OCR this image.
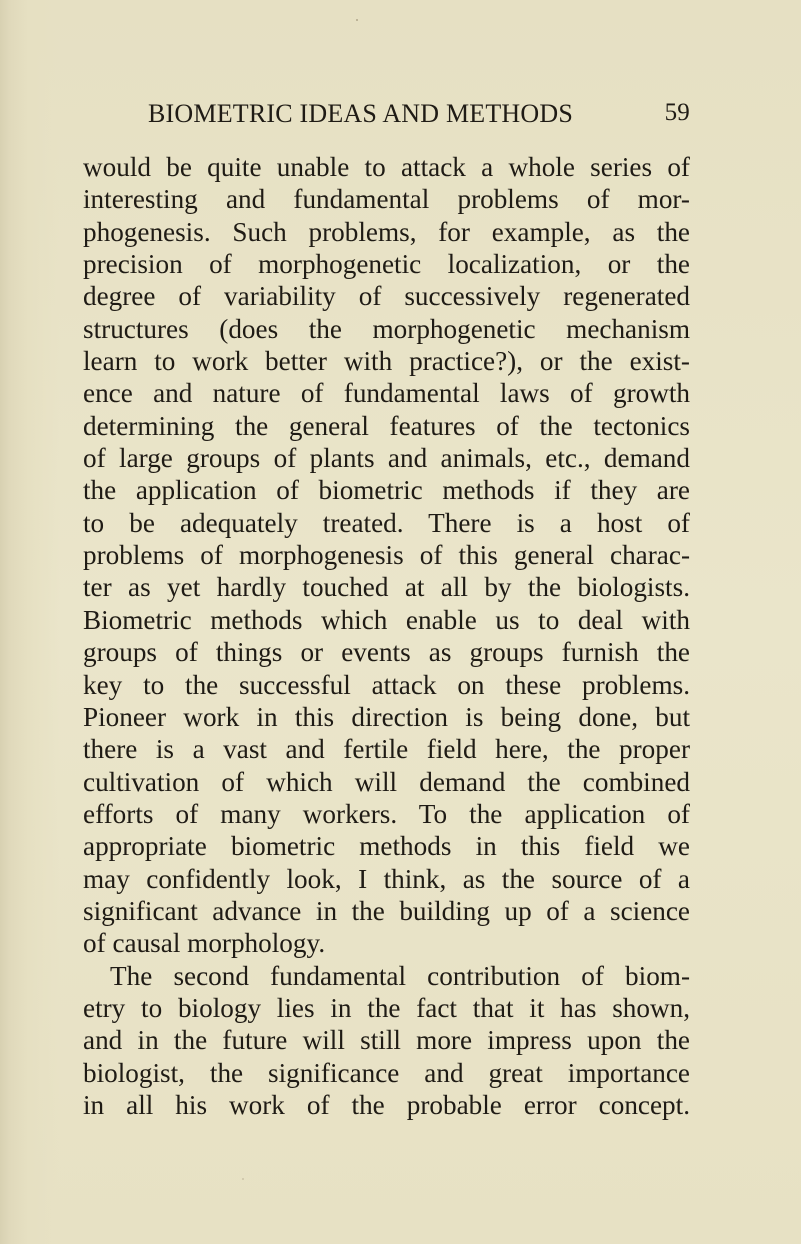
BIOMETRIC IDEAS AND METHODS	59
would be quite unable to attack a whole series of
interesting and fundamental problems of mor-
phogenesis. Such problems, for example, as the
precision of morphogenetic localization, or the
degree of variability of successively regenerated
structures (does the morphogenetic mechanism
learn to work better with practice?), or the exist-
ence and nature of fundamental laws of growth
determining the general features of the tectonics
of large groups of plants and animals, etc., demand
the application of biometric methods if they are
to be adequately treated. There is a host of
problems of morphogenesis of this general charac-
ter as yet hardly touched at all by the biologists.
Biometric methods which enable us to deal with
groups of things or events as groups furnish the
key to the successful attack on these problems.
Pioneer work in this direction is being done, but
there is a vast and fertile field here, the proper
cultivation of which will demand the combined
efforts of many workers. To the application of
appropriate biometric methods in this field we
may confidently look, I think, as the source of a
significant advance in the building up of a science
of causal morphology.
The second fundamental contribution of biom-
etry to biology lies in the fact that it has shown,
and in the future will still more impress upon the
biologist, the significance and great importance
in all his work of the probable error concept.
